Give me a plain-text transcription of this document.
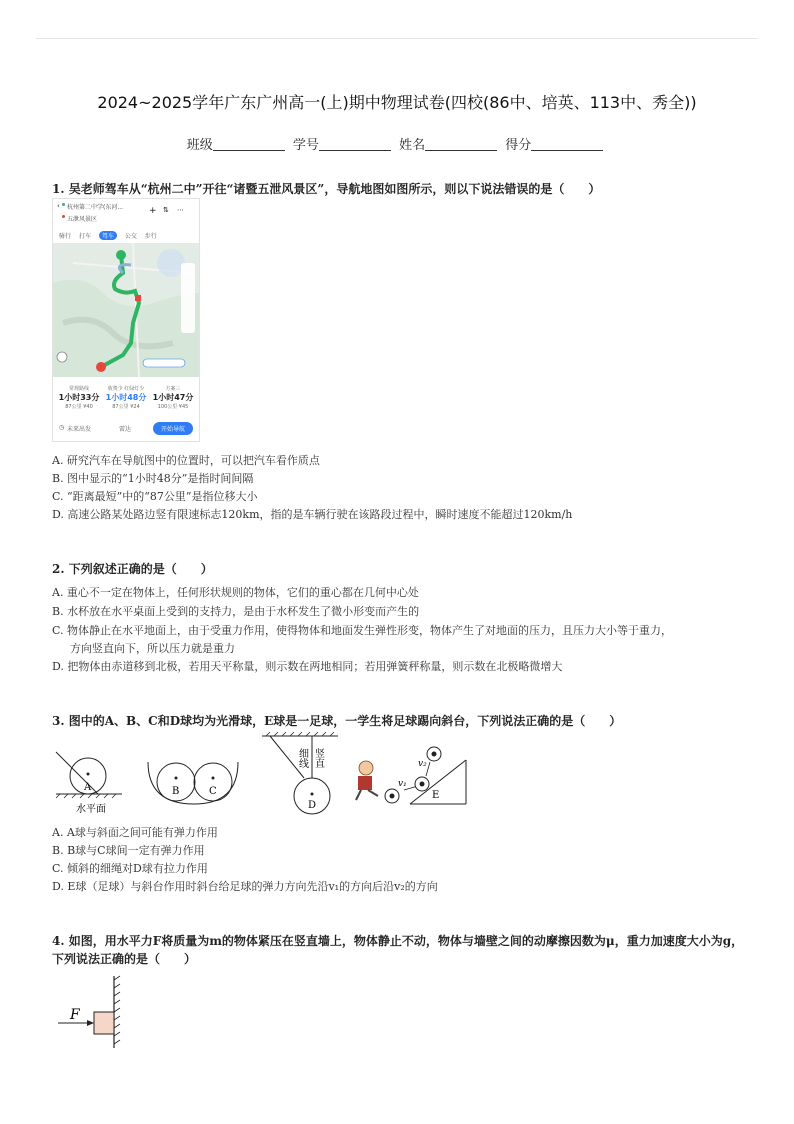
2024~2025学年广东广州高一(上)期中物理试卷(四校(86中、培英、113中、秀全))
班级	学号	姓名	得分
1. 吴老师驾车从“杭州二中”开往“诸暨五泄风景区”，导航地图如图所示，则以下说法错误的是（　　）
‹ 杭州第二中学(东河...
五泄风景区
+ ⇅ ⋯
骑行 打车 驾车 公交 步行
常规路线
1小时33分
87公里 ¥40
收费少 红绿灯少
1小时48分
87公里 ¥24
方案三
1小时47分
100公里 ¥45
◷ 未来出发	雷达	开始导航
A. 研究汽车在导航图中的位置时，可以把汽车看作质点
B. 图中显示的“1小时48分”是指时间间隔
C. “距离最短”中的“87公里”是指位移大小
D. 高速公路某处路边竖有限速标志120km，指的是车辆行驶在该路段过程中，瞬时速度不能超过120km/h
2. 下列叙述正确的是（　　）
A. 重心不一定在物体上，任何形状规则的物体，它们的重心都在几何中心处
B. 水杯放在水平桌面上受到的支持力，是由于水杯发生了微小形变而产生的
C. 物体静止在水平地面上，由于受重力作用，使得物体和地面发生弹性形变，物体产生了对地面的压力，且压力大小等于重力，
方向竖直向下，所以压力就是重力
D. 把物体由赤道移到北极，若用天平称量，则示数在两地相同；若用弹簧秤称量，则示数在北极略微增大
3. 图中的A、B、C和D球均为光滑球，E球是一足球，一学生将足球踢向斜台，下列说法正确的是（　　）
A
水平面
B	C
D
细线 竖直
v₁
v₂
E
A. A球与斜面之间可能有弹力作用
B. B球与C球间一定有弹力作用
C. 倾斜的细绳对D球有拉力作用
D. E球（足球）与斜台作用时斜台给足球的弹力方向先沿v₁的方向后沿v₂的方向
4. 如图，用水平力F将质量为m的物体紧压在竖直墙上，物体静止不动，物体与墙壁之间的动摩擦因数为μ，重力加速度大小为g，
下列说法正确的是（　　）
F
